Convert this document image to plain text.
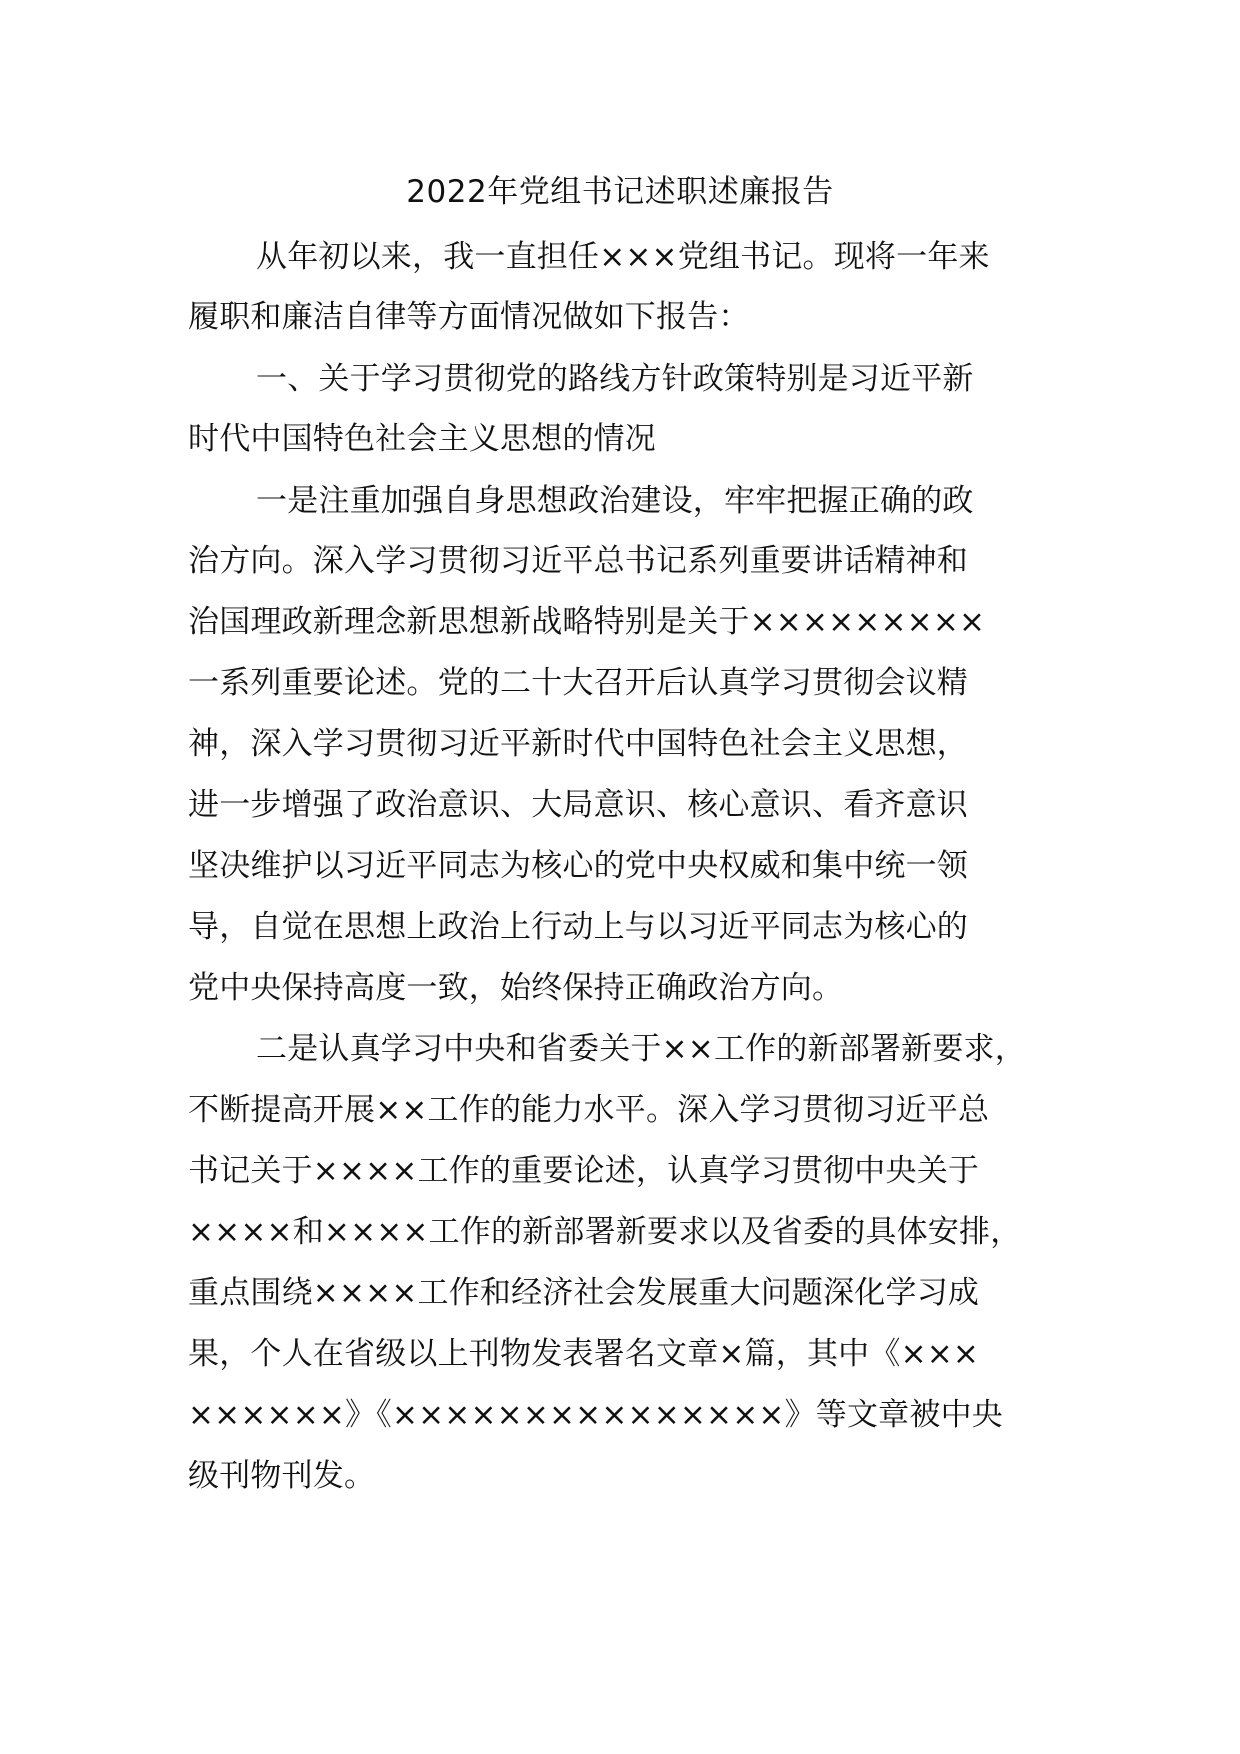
2022年党组书记述职述廉报告
从年初以来，我一直担任×××党组书记。现将一年来
履职和廉洁自律等方面情况做如下报告：
一、关于学习贯彻党的路线方针政策特别是习近平新
时代中国特色社会主义思想的情况
一是注重加强自身思想政治建设，牢牢把握正确的政
治方向。深入学习贯彻习近平总书记系列重要讲话精神和
治国理政新理念新思想新战略特别是关于×××××××××
一系列重要论述。党的二十大召开后认真学习贯彻会议精
神，深入学习贯彻习近平新时代中国特色社会主义思想，
进一步增强了政治意识、大局意识、核心意识、看齐意识
坚决维护以习近平同志为核心的党中央权威和集中统一领
导，自觉在思想上政治上行动上与以习近平同志为核心的
党中央保持高度一致，始终保持正确政治方向。
二是认真学习中央和省委关于××工作的新部署新要求，
不断提高开展××工作的能力水平。深入学习贯彻习近平总
书记关于××××工作的重要论述，认真学习贯彻中央关于
××××和××××工作的新部署新要求以及省委的具体安排，
重点围绕××××工作和经济社会发展重大问题深化学习成
果，个人在省级以上刊物发表署名文章×篇，其中《×××
××××××》《×××××××××××××××》等文章被中央
级刊物刊发。
